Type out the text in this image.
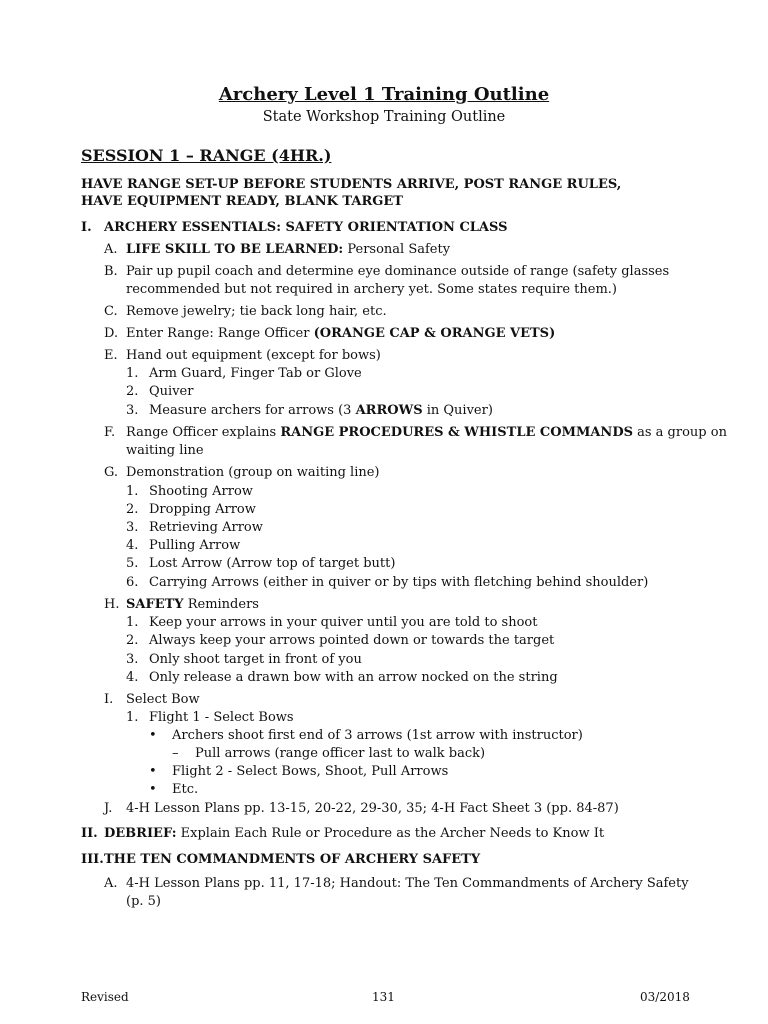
Archery Level 1 Training Outline
State Workshop Training Outline
SESSION 1 – RANGE (4HR.)
HAVE RANGE SET-UP BEFORE STUDENTS ARRIVE, POST RANGE RULES, HAVE EQUIPMENT READY, BLANK TARGET
I. ARCHERY ESSENTIALS: SAFETY ORIENTATION CLASS
A. LIFE SKILL TO BE LEARNED: Personal Safety
B. Pair up pupil coach and determine eye dominance outside of range (safety glasses
recommended but not required in archery yet. Some states require them.)
C. Remove jewelry; tie back long hair, etc.
D. Enter Range: Range Officer (ORANGE CAP & ORANGE VETS)
E. Hand out equipment (except for bows)
1. Arm Guard, Finger Tab or Glove
2. Quiver
3. Measure archers for arrows (3 ARROWS in Quiver)
F. Range Officer explains RANGE PROCEDURES & WHISTLE COMMANDS as a group on
waiting line
G. Demonstration (group on waiting line)
1. Shooting Arrow
2. Dropping Arrow
3. Retrieving Arrow
4. Pulling Arrow
5. Lost Arrow (Arrow top of target butt)
6. Carrying Arrows (either in quiver or by tips with fletching behind shoulder)
H. SAFETY Reminders
1. Keep your arrows in your quiver until you are told to shoot
2. Always keep your arrows pointed down or towards the target
3. Only shoot target in front of you
4. Only release a drawn bow with an arrow nocked on the string
I. Select Bow
1. Flight 1 - Select Bows
• Archers shoot first end of 3 arrows (1st arrow with instructor)
– Pull arrows (range officer last to walk back)
• Flight 2 - Select Bows, Shoot, Pull Arrows
• Etc.
J. 4-H Lesson Plans pp. 13-15, 20-22, 29-30, 35; 4-H Fact Sheet 3 (pp. 84-87)
II. DEBRIEF: Explain Each Rule or Procedure as the Archer Needs to Know It
III. THE TEN COMMANDMENTS OF ARCHERY SAFETY
A. 4-H Lesson Plans pp. 11, 17-18; Handout: The Ten Commandments of Archery Safety
(p. 5)
Revised	131	03/2018
